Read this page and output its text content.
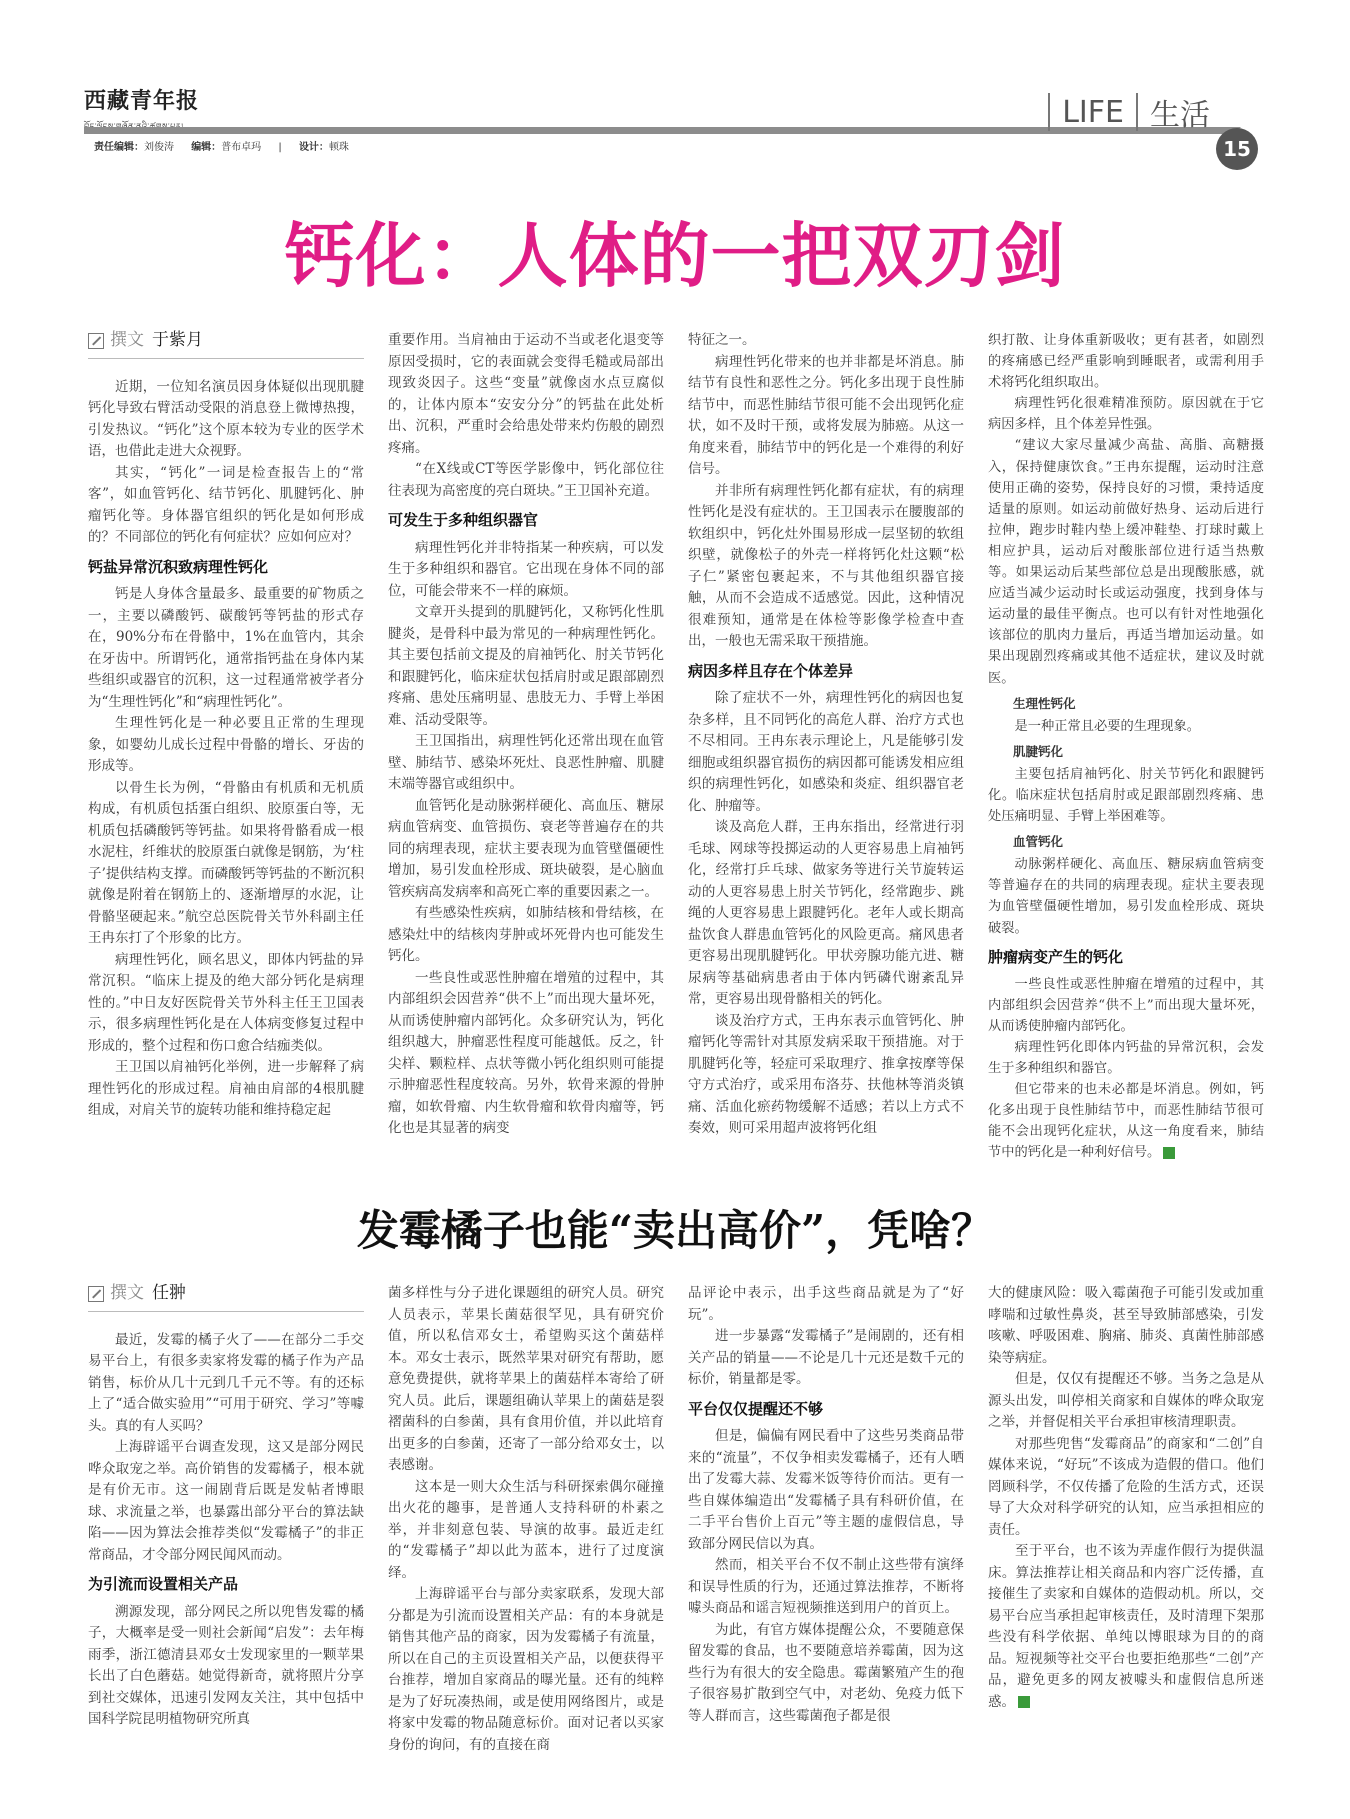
西藏青年报
责任编辑：刘俊涛 编辑：普布卓玛 | 设计：顿珠
LIFE 生活
15
钙化：人体的一把双刃剑
撰文 于紫月

近期，一位知名演员因身体疑似出现肌腱钙化导致右臂活动受限的消息登上微博热搜，引发热议。“钙化”这个原本较为专业的医学术语，也借此走进大众视野。

其实，“钙化”一词是检查报告上的“常客”，如血管钙化、结节钙化、肌腱钙化、肿瘤钙化等。身体器官组织的钙化是如何形成的？不同部位的钙化有何症状？应如何应对？

钙盐异常沉积致病理性钙化

钙是人身体含量最多、最重要的矿物质之一，主要以磷酸钙、碳酸钙等钙盐的形式存在，90%分布在骨骼中，1%在血管内，其余在牙齿中。所谓钙化，通常指钙盐在身体内某些组织或器官的沉积，这一过程通常被学者分为“生理性钙化”和“病理性钙化”。

生理性钙化是一种必要且正常的生理现象，如婴幼儿成长过程中骨骼的增长、牙齿的形成等。

以骨生长为例，“骨骼由有机质和无机质构成，有机质包括蛋白组织、胶原蛋白等，无机质包括磷酸钙等钙盐。如果将骨骼看成一根水泥柱，纤维状的胶原蛋白就像是钢筋，为‘柱子’提供结构支撑。而磷酸钙等钙盐的不断沉积就像是附着在钢筋上的、逐渐增厚的水泥，让骨骼坚硬起来。”航空总医院骨关节外科副主任王冉东打了个形象的比方。

病理性钙化，顾名思义，即体内钙盐的异常沉积。“临床上提及的绝大部分钙化是病理性的。”中日友好医院骨关节外科主任王卫国表示，很多病理性钙化是在人体病变修复过程中形成的，整个过程和伤口愈合结痂类似。

王卫国以肩袖钙化举例，进一步解释了病理性钙化的形成过程。肩袖由肩部的4根肌腱组成，对肩关节的旋转功能和维持稳定起

重要作用。当肩袖由于运动不当或老化退变等原因受损时，它的表面就会变得毛糙或局部出现致炎因子。这些“变量”就像卤水点豆腐似的，让体内原本“安安分分”的钙盐在此处析出、沉积，严重时会给患处带来灼伤般的剧烈疼痛。

“在X线或CT等医学影像中，钙化部位往往表现为高密度的亮白斑块。”王卫国补充道。

可发生于多种组织器官

病理性钙化并非特指某一种疾病，可以发生于多种组织和器官。它出现在身体不同的部位，可能会带来不一样的麻烦。

文章开头提到的肌腱钙化，又称钙化性肌腱炎，是骨科中最为常见的一种病理性钙化。其主要包括前文提及的肩袖钙化、肘关节钙化和跟腱钙化，临床症状包括肩肘或足跟部剧烈疼痛、患处压痛明显、患肢无力、手臂上举困难、活动受限等。

王卫国指出，病理性钙化还常出现在血管壁、肺结节、感染坏死灶、良恶性肿瘤、肌腱末端等器官或组织中。

血管钙化是动脉粥样硬化、高血压、糖尿病血管病变、血管损伤、衰老等普遍存在的共同的病理表现，症状主要表现为血管壁僵硬性增加，易引发血栓形成、斑块破裂，是心脑血管疾病高发病率和高死亡率的重要因素之一。

有些感染性疾病，如肺结核和骨结核，在感染灶中的结核肉芽肿或坏死骨内也可能发生钙化。

一些良性或恶性肿瘤在增殖的过程中，其内部组织会因营养“供不上”而出现大量坏死，从而诱使肿瘤内部钙化。众多研究认为，钙化组织越大，肿瘤恶性程度可能越低。反之，针尖样、颗粒样、点状等微小钙化组织则可能提示肿瘤恶性程度较高。另外，软骨来源的骨肿瘤，如软骨瘤、内生软骨瘤和软骨肉瘤等，钙化也是其显著的病变

特征之一。

病理性钙化带来的也并非都是坏消息。肺结节有良性和恶性之分。钙化多出现于良性肺结节中，而恶性肺结节很可能不会出现钙化症状，如不及时干预，或将发展为肺癌。从这一角度来看，肺结节中的钙化是一个难得的利好信号。

并非所有病理性钙化都有症状，有的病理性钙化是没有症状的。王卫国表示在腰腹部的软组织中，钙化灶外围易形成一层坚韧的软组织壁，就像松子的外壳一样将钙化灶这颗“松子仁”紧密包裹起来，不与其他组织器官接触，从而不会造成不适感觉。因此，这种情况很难预知，通常是在体检等影像学检查中查出，一般也无需采取干预措施。

病因多样且存在个体差异

除了症状不一外，病理性钙化的病因也复杂多样，且不同钙化的高危人群、治疗方式也不尽相同。王冉东表示理论上，凡是能够引发细胞或组织器官损伤的病因都可能诱发相应组织的病理性钙化，如感染和炎症、组织器官老化、肿瘤等。

谈及高危人群，王冉东指出，经常进行羽毛球、网球等投掷运动的人更容易患上肩袖钙化，经常打乒乓球、做家务等进行关节旋转运动的人更容易患上肘关节钙化，经常跑步、跳绳的人更容易患上跟腱钙化。老年人或长期高盐饮食人群患血管钙化的风险更高。痛风患者更容易出现肌腱钙化。甲状旁腺功能亢进、糖尿病等基础病患者由于体内钙磷代谢紊乱异常，更容易出现骨骼相关的钙化。

谈及治疗方式，王冉东表示血管钙化、肿瘤钙化等需针对其原发病采取干预措施。对于肌腱钙化等，轻症可采取理疗、推拿按摩等保守方式治疗，或采用布洛芬、扶他林等消炎镇痛、活血化瘀药物缓解不适感；若以上方式不奏效，则可采用超声波将钙化组

织打散、让身体重新吸收；更有甚者，如剧烈的疼痛感已经严重影响到睡眠者，或需利用手术将钙化组织取出。

病理性钙化很难精准预防。原因就在于它病因多样，且个体差异性强。

“建议大家尽量减少高盐、高脂、高糖摄入，保持健康饮食。”王冉东提醒，运动时注意使用正确的姿势，保持良好的习惯，秉持适度适量的原则。如运动前做好热身、运动后进行拉伸，跑步时鞋内垫上缓冲鞋垫、打球时戴上相应护具，运动后对酸胀部位进行适当热敷等。如果运动后某些部位总是出现酸胀感，就应适当减少运动时长或运动强度，找到身体与运动量的最佳平衡点。也可以有针对性地强化该部位的肌肉力量后，再适当增加运动量。如果出现剧烈疼痛或其他不适症状，建议及时就医。

生理性钙化

是一种正常且必要的生理现象。

肌腱钙化

主要包括肩袖钙化、肘关节钙化和跟腱钙化。临床症状包括肩肘或足跟部剧烈疼痛、患处压痛明显、手臂上举困难等。

血管钙化

动脉粥样硬化、高血压、糖尿病血管病变等普遍存在的共同的病理表现。症状主要表现为血管壁僵硬性增加，易引发血栓形成、斑块破裂。

肿瘤病变产生的钙化

一些良性或恶性肿瘤在增殖的过程中，其内部组织会因营养“供不上”而出现大量坏死，从而诱使肿瘤内部钙化。

病理性钙化即体内钙盐的异常沉积，会发生于多种组织和器官。

但它带来的也未必都是坏消息。例如，钙化多出现于良性肺结节中，而恶性肺结节很可能不会出现钙化症状，从这一角度看来，肺结节中的钙化是一种利好信号。

发霉橘子也能“卖出高价”，凭啥？
撰文 任翀

最近，发霉的橘子火了——在部分二手交易平台上，有很多卖家将发霉的橘子作为产品销售，标价从几十元到几千元不等。有的还标上了“适合做实验用”“可用于研究、学习”等噱头。真的有人买吗？

上海辟谣平台调查发现，这又是部分网民哗众取宠之举。高价销售的发霉橘子，根本就是有价无市。这一闹剧背后既是发帖者博眼球、求流量之举，也暴露出部分平台的算法缺陷——因为算法会推荐类似“发霉橘子”的非正常商品，才令部分网民闻风而动。

为引流而设置相关产品

溯源发现，部分网民之所以兜售发霉的橘子，大概率是受一则社会新闻“启发”：去年梅雨季，浙江德清县邓女士发现家里的一颗苹果长出了白色蘑菇。她觉得新奇，就将照片分享到社交媒体，迅速引发网友关注，其中包括中国科学院昆明植物研究所真

菌多样性与分子进化课题组的研究人员。研究人员表示，苹果长菌菇很罕见，具有研究价值，所以私信邓女士，希望购买这个菌菇样本。邓女士表示，既然苹果对研究有帮助，愿意免费提供，就将苹果上的菌菇样本寄给了研究人员。此后，课题组确认苹果上的菌菇是裂褶菌科的白参菌，具有食用价值，并以此培育出更多的白参菌，还寄了一部分给邓女士，以表感谢。

这本是一则大众生活与科研探索偶尔碰撞出火花的趣事，是普通人支持科研的朴素之举，并非刻意包装、导演的故事。最近走红的“发霉橘子”却以此为蓝本，进行了过度演绎。

上海辟谣平台与部分卖家联系，发现大部分都是为引流而设置相关产品：有的本身就是销售其他产品的商家，因为发霉橘子有流量，所以在自己的主页设置相关产品，以便获得平台推荐，增加自家商品的曝光量。还有的纯粹是为了好玩凑热闹，或是使用网络图片，或是将家中发霉的物品随意标价。面对记者以买家身份的询问，有的直接在商

品评论中表示，出手这些商品就是为了“好玩”。

进一步暴露“发霉橘子”是闹剧的，还有相关产品的销量——不论是几十元还是数千元的标价，销量都是零。

平台仅仅提醒还不够

但是，偏偏有网民看中了这些另类商品带来的“流量”，不仅争相卖发霉橘子，还有人晒出了发霉大蒜、发霉米饭等待价而沽。更有一些自媒体编造出“发霉橘子具有科研价值，在二手平台售价上百元”等主题的虚假信息，导致部分网民信以为真。

然而，相关平台不仅不制止这些带有演绎和误导性质的行为，还通过算法推荐，不断将噱头商品和谣言短视频推送到用户的首页上。

为此，有官方媒体提醒公众，不要随意保留发霉的食品，也不要随意培养霉菌，因为这些行为有很大的安全隐患。霉菌繁殖产生的孢子很容易扩散到空气中，对老幼、免疫力低下等人群而言，这些霉菌孢子都是很

大的健康风险：吸入霉菌孢子可能引发或加重哮喘和过敏性鼻炎，甚至导致肺部感染，引发咳嗽、呼吸困难、胸痛、肺炎、真菌性肺部感染等病症。

但是，仅仅有提醒还不够。当务之急是从源头出发，叫停相关商家和自媒体的哗众取宠之举，并督促相关平台承担审核清理职责。

对那些兜售“发霉商品”的商家和“二创”自媒体来说，“好玩”不该成为造假的借口。他们罔顾科学，不仅传播了危险的生活方式，还误导了大众对科学研究的认知，应当承担相应的责任。

至于平台，也不该为弄虚作假行为提供温床。算法推荐让相关商品和内容广泛传播，直接催生了卖家和自媒体的造假动机。所以，交易平台应当承担起审核责任，及时清理下架那些没有科学依据、单纯以博眼球为目的的商品。短视频等社交平台也要拒绝那些“二创”产品，避免更多的网友被噱头和虚假信息所迷惑。
